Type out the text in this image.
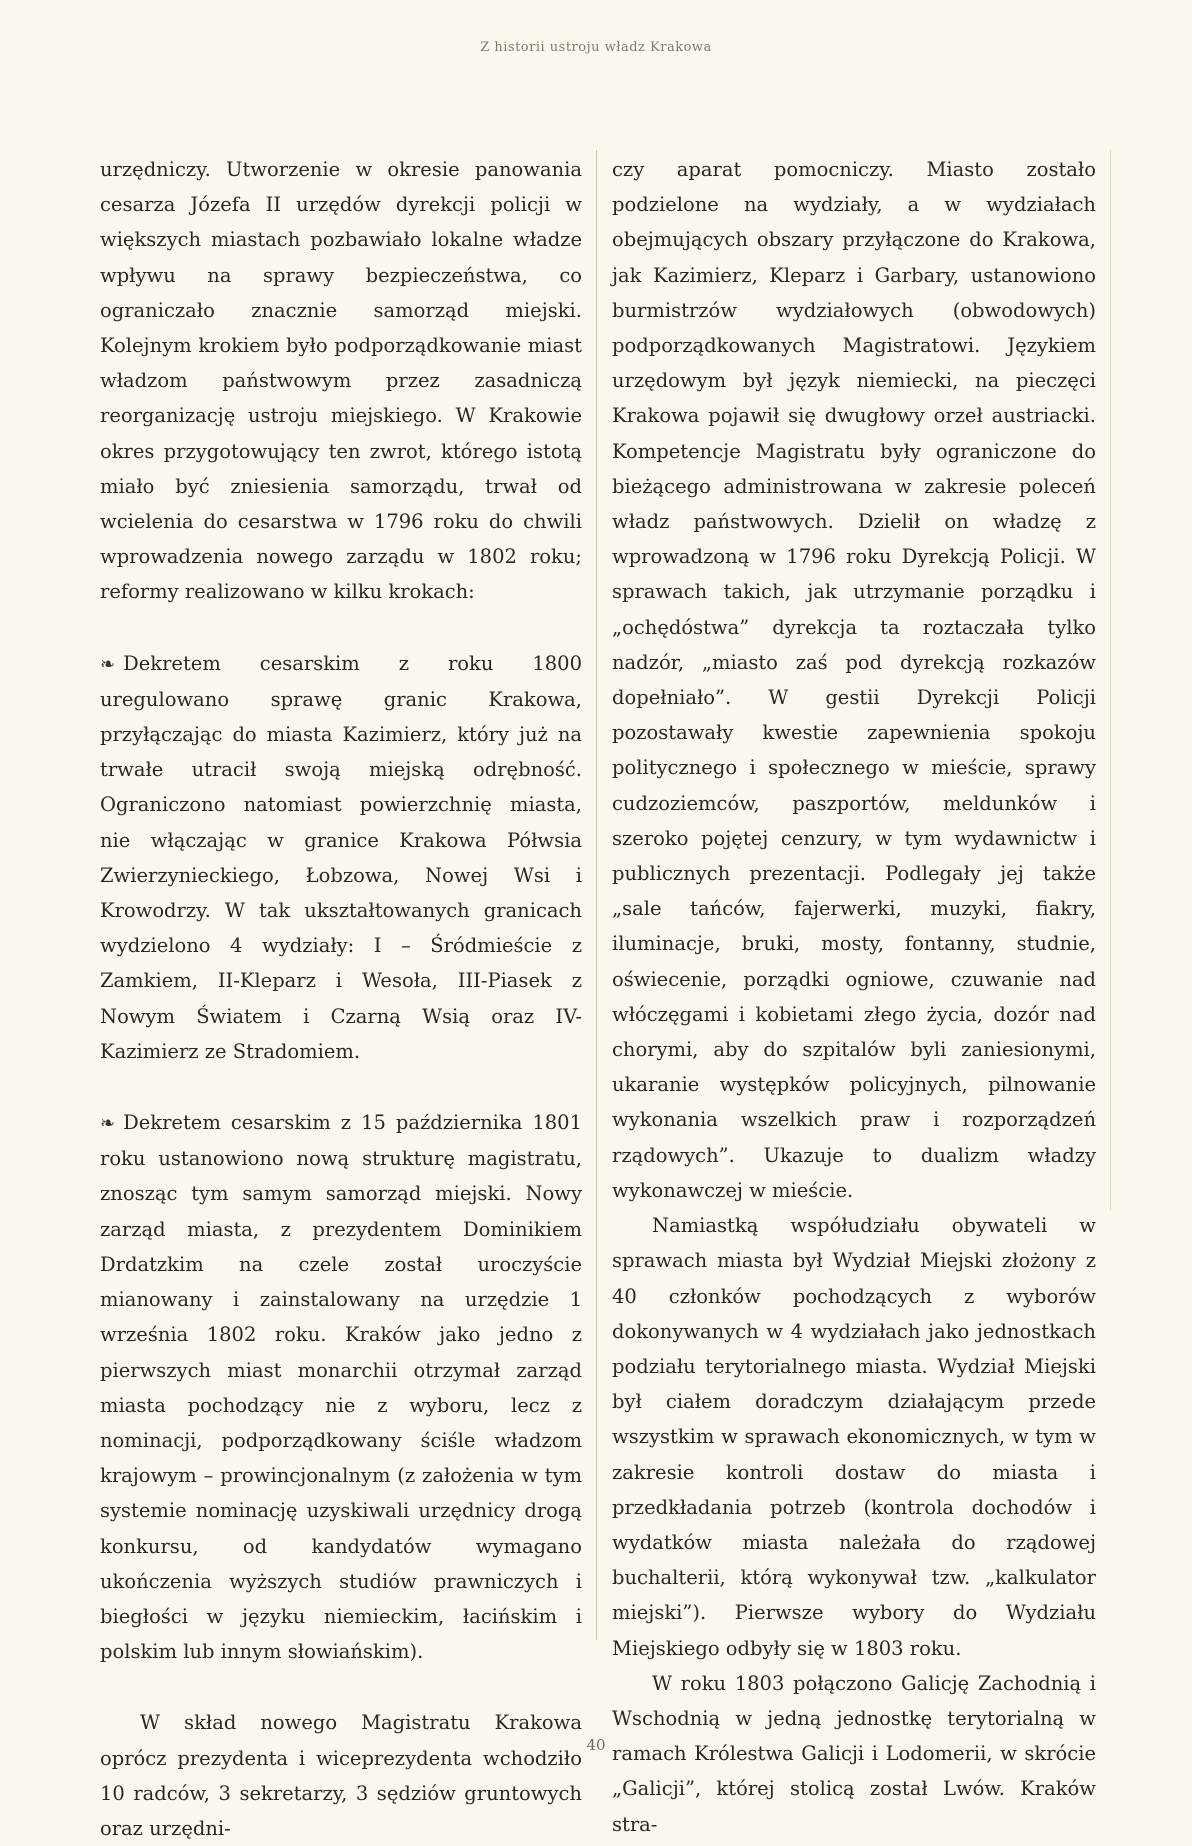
Z historii ustroju władz Krakowa

urzędniczy. Utworzenie w okresie panowania cesarza Józefa II urzędów dyrekcji policji w większych miastach pozbawiało lokalne władze wpływu na sprawy bezpieczeństwa, co ograniczało znacznie samorząd miejski. Kolejnym krokiem było podporządkowanie miast władzom państwowym przez zasadniczą reorganizację ustroju miejskiego. W Krakowie okres przygotowujący ten zwrot, którego istotą miało być zniesienia samorządu, trwał od wcielenia do cesarstwa w 1796 roku do chwili wprowadzenia nowego zarządu w 1802 roku; reformy realizowano w kilku krokach:

❧ Dekretem cesarskim z roku 1800 uregulowano sprawę granic Krakowa, przyłączając do miasta Kazimierz, który już na trwałe utracił swoją miejską odrębność. Ograniczono natomiast powierzchnię miasta, nie włączając w granice Krakowa Półwsia Zwierzynieckiego, Łobzowa, Nowej Wsi i Krowodrzy. W tak ukształtowanych granicach wydzielono 4 wydziały: I – Śródmieście z Zamkiem, II-Kleparz i Wesoła, III-Piasek z Nowym Światem i Czarną Wsią oraz IV-Kazimierz ze Stradomiem.

❧ Dekretem cesarskim z 15 października 1801 roku ustanowiono nową strukturę magistratu, znosząc tym samym samorząd miejski. Nowy zarząd miasta, z prezydentem Dominikiem Drdatzkim na czele został uroczyście mianowany i zainstalowany na urzędzie 1 września 1802 roku. Kraków jako jedno z pierwszych miast monarchii otrzymał zarząd miasta pochodzący nie z wyboru, lecz z nominacji, podporządkowany ściśle władzom krajowym – prowincjonalnym (z założenia w tym systemie nominację uzyskiwali urzędnicy drogą konkursu, od kandydatów wymagano ukończenia wyższych studiów prawniczych i biegłości w języku niemieckim, łacińskim i polskim lub innym słowiańskim).

W skład nowego Magistratu Krakowa oprócz prezydenta i wiceprezydenta wchodziło 10 radców, 3 sekretarzy, 3 sędziów gruntowych oraz urzędni-

czy aparat pomocniczy. Miasto zostało podzielone na wydziały, a w wydziałach obejmujących obszary przyłączone do Krakowa, jak Kazimierz, Kleparz i Garbary, ustanowiono burmistrzów wydziałowych (obwodowych) podporządkowanych Magistratowi. Językiem urzędowym był język niemiecki, na pieczęci Krakowa pojawił się dwugłowy orzeł austriacki. Kompetencje Magistratu były ograniczone do bieżącego administrowana w zakresie poleceń władz państwowych. Dzielił on władzę z wprowadzoną w 1796 roku Dyrekcją Policji. W sprawach takich, jak utrzymanie porządku i „ochędóstwa” dyrekcja ta roztaczała tylko nadzór, „miasto zaś pod dyrekcją rozkazów dopełniało”. W gestii Dyrekcji Policji pozostawały kwestie zapewnienia spokoju politycznego i społecznego w mieście, sprawy cudzoziemców, paszportów, meldunków i szeroko pojętej cenzury, w tym wydawnictw i publicznych prezentacji. Podlegały jej także „sale tańców, fajerwerki, muzyki, fiakry, iluminacje, bruki, mosty, fontanny, studnie, oświecenie, porządki ogniowe, czuwanie nad włóczęgami i kobietami złego życia, dozór nad chorymi, aby do szpitalów byli zaniesionymi, ukaranie występków policyjnych, pilnowanie wykonania wszelkich praw i rozporządzeń rządowych”. Ukazuje to dualizm władzy wykonawczej w mieście.

Namiastką współudziału obywateli w sprawach miasta był Wydział Miejski złożony z 40 członków pochodzących z wyborów dokonywanych w 4 wydziałach jako jednostkach podziału terytorialnego miasta. Wydział Miejski był ciałem doradczym działającym przede wszystkim w sprawach ekonomicznych, w tym w zakresie kontroli dostaw do miasta i przedkładania potrzeb (kontrola dochodów i wydatków miasta należała do rządowej buchalterii, którą wykonywał tzw. „kalkulator miejski”). Pierwsze wybory do Wydziału Miejskiego odbyły się w 1803 roku.

W roku 1803 połączono Galicję Zachodnią i Wschodnią w jedną jednostkę terytorialną w ramach Królestwa Galicji i Lodomerii, w skrócie „Galicji”, której stolicą został Lwów. Kraków stra-

40
